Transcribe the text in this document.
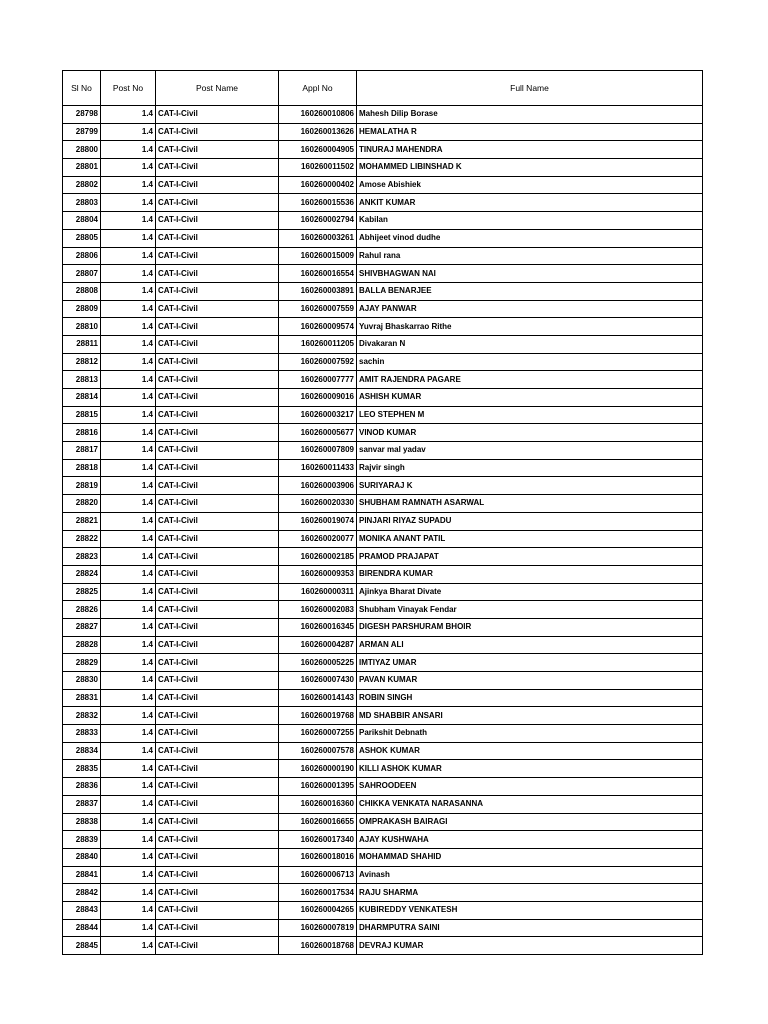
Sl No	Post No	Post Name	Appl No	Full Name
28798	1.4	CAT-I-Civil	160260010806	Mahesh Dilip Borase
28799	1.4	CAT-I-Civil	160260013626	HEMALATHA R
28800	1.4	CAT-I-Civil	160260004905	TINURAJ MAHENDRA
28801	1.4	CAT-I-Civil	160260011502	MOHAMMED LIBINSHAD K
28802	1.4	CAT-I-Civil	160260000402	Amose Abishiek
28803	1.4	CAT-I-Civil	160260015536	ANKIT KUMAR
28804	1.4	CAT-I-Civil	160260002794	Kabilan
28805	1.4	CAT-I-Civil	160260003261	Abhijeet vinod dudhe
28806	1.4	CAT-I-Civil	160260015009	Rahul rana
28807	1.4	CAT-I-Civil	160260016554	SHIVBHAGWAN NAI
28808	1.4	CAT-I-Civil	160260003891	BALLA BENARJEE
28809	1.4	CAT-I-Civil	160260007559	AJAY PANWAR
28810	1.4	CAT-I-Civil	160260009574	Yuvraj Bhaskarrao Rithe
28811	1.4	CAT-I-Civil	160260011205	Divakaran N
28812	1.4	CAT-I-Civil	160260007592	sachin
28813	1.4	CAT-I-Civil	160260007777	AMIT RAJENDRA PAGARE
28814	1.4	CAT-I-Civil	160260009016	ASHISH KUMAR
28815	1.4	CAT-I-Civil	160260003217	LEO STEPHEN M
28816	1.4	CAT-I-Civil	160260005677	VINOD KUMAR
28817	1.4	CAT-I-Civil	160260007809	sanvar mal yadav
28818	1.4	CAT-I-Civil	160260011433	Rajvir singh
28819	1.4	CAT-I-Civil	160260003906	SURIYARAJ K
28820	1.4	CAT-I-Civil	160260020330	SHUBHAM RAMNATH ASARWAL
28821	1.4	CAT-I-Civil	160260019074	PINJARI RIYAZ SUPADU
28822	1.4	CAT-I-Civil	160260020077	MONIKA ANANT PATIL
28823	1.4	CAT-I-Civil	160260002185	PRAMOD PRAJAPAT
28824	1.4	CAT-I-Civil	160260009353	BIRENDRA KUMAR
28825	1.4	CAT-I-Civil	160260000311	Ajinkya Bharat Divate
28826	1.4	CAT-I-Civil	160260002083	Shubham Vinayak Fendar
28827	1.4	CAT-I-Civil	160260016345	DIGESH PARSHURAM BHOIR
28828	1.4	CAT-I-Civil	160260004287	ARMAN ALI
28829	1.4	CAT-I-Civil	160260005225	IMTIYAZ UMAR
28830	1.4	CAT-I-Civil	160260007430	PAVAN KUMAR
28831	1.4	CAT-I-Civil	160260014143	ROBIN SINGH
28832	1.4	CAT-I-Civil	160260019768	MD SHABBIR ANSARI
28833	1.4	CAT-I-Civil	160260007255	Parikshit Debnath
28834	1.4	CAT-I-Civil	160260007578	ASHOK KUMAR
28835	1.4	CAT-I-Civil	160260000190	KILLI ASHOK KUMAR
28836	1.4	CAT-I-Civil	160260001395	SAHROODEEN
28837	1.4	CAT-I-Civil	160260016360	CHIKKA VENKATA NARASANNA
28838	1.4	CAT-I-Civil	160260016655	OMPRAKASH BAIRAGI
28839	1.4	CAT-I-Civil	160260017340	AJAY KUSHWAHA
28840	1.4	CAT-I-Civil	160260018016	MOHAMMAD SHAHID
28841	1.4	CAT-I-Civil	160260006713	Avinash
28842	1.4	CAT-I-Civil	160260017534	RAJU SHARMA
28843	1.4	CAT-I-Civil	160260004265	KUBIREDDY VENKATESH
28844	1.4	CAT-I-Civil	160260007819	DHARMPUTRA SAINI
28845	1.4	CAT-I-Civil	160260018768	DEVRAJ KUMAR
